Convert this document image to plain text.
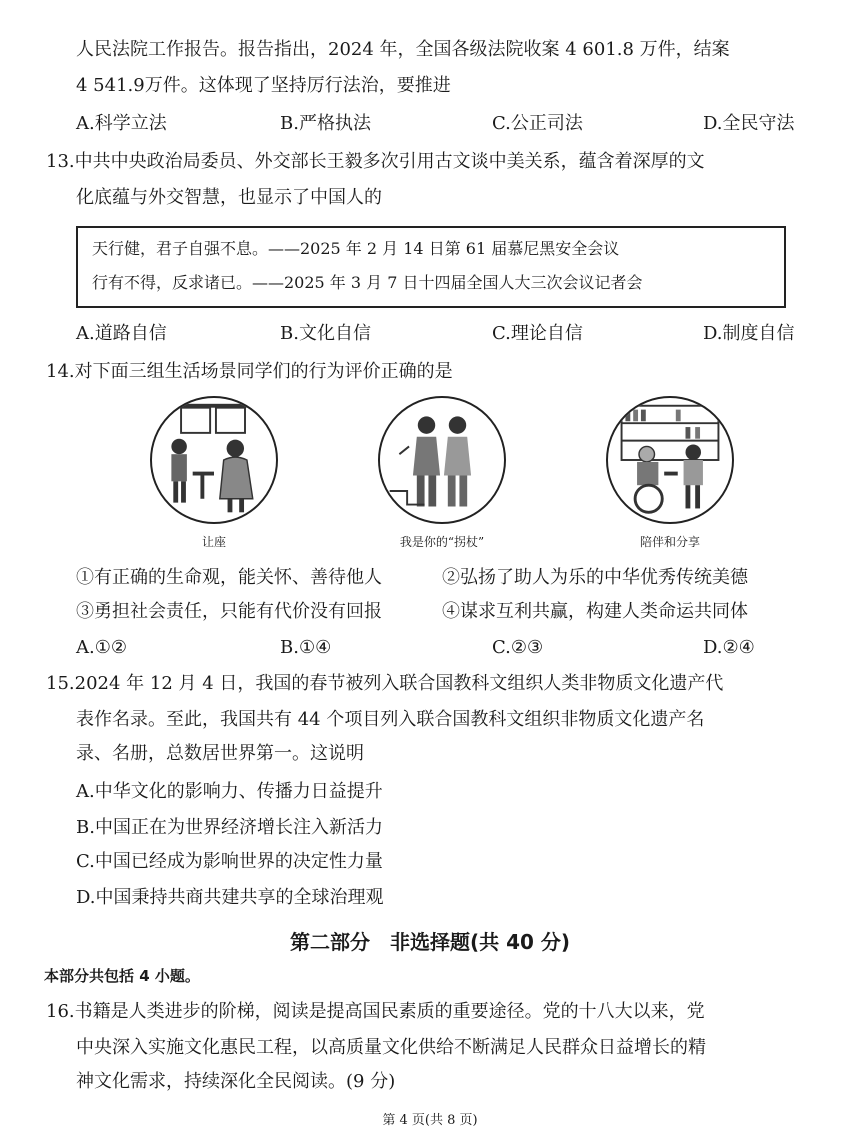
人民法院工作报告。报告指出，2024 年，全国各级法院收案 4 601.8 万件，结案
4 541.9万件。这体现了坚持厉行法治，要推进
A.科学立法	B.严格执法	C.公正司法	D.全民守法
13.中共中央政治局委员、外交部长王毅多次引用古文谈中美关系，蕴含着深厚的文
化底蕴与外交智慧，也显示了中国人的
天行健，君子自强不息。——2025 年 2 月 14 日第 61 届慕尼黑安全会议
行有不得，反求诸已。——2025 年 3 月 7 日十四届全国人大三次会议记者会
A.道路自信	B.文化自信	C.理论自信	D.制度自信
14.对下面三组生活场景同学们的行为评价正确的是
让座	我是你的“拐杖”	陪伴和分享
①有正确的生命观，能关怀、善待他人	②弘扬了助人为乐的中华优秀传统美德
③勇担社会责任，只能有代价没有回报	④谋求互利共赢，构建人类命运共同体
A.①②	B.①④	C.②③	D.②④
15.2024 年 12 月 4 日，我国的春节被列入联合国教科文组织人类非物质文化遗产代
表作名录。至此，我国共有 44 个项目列入联合国教科文组织非物质文化遗产名
录、名册，总数居世界第一。这说明
A.中华文化的影响力、传播力日益提升
B.中国正在为世界经济增长注入新活力
C.中国已经成为影响世界的决定性力量
D.中国秉持共商共建共享的全球治理观
第二部分　非选择题(共 40 分)
本部分共包括 4 小题。
16.书籍是人类进步的阶梯，阅读是提高国民素质的重要途径。党的十八大以来，党
中央深入实施文化惠民工程，以高质量文化供给不断满足人民群众日益增长的精
神文化需求，持续深化全民阅读。(9 分)
第 4 页(共 8 页)
